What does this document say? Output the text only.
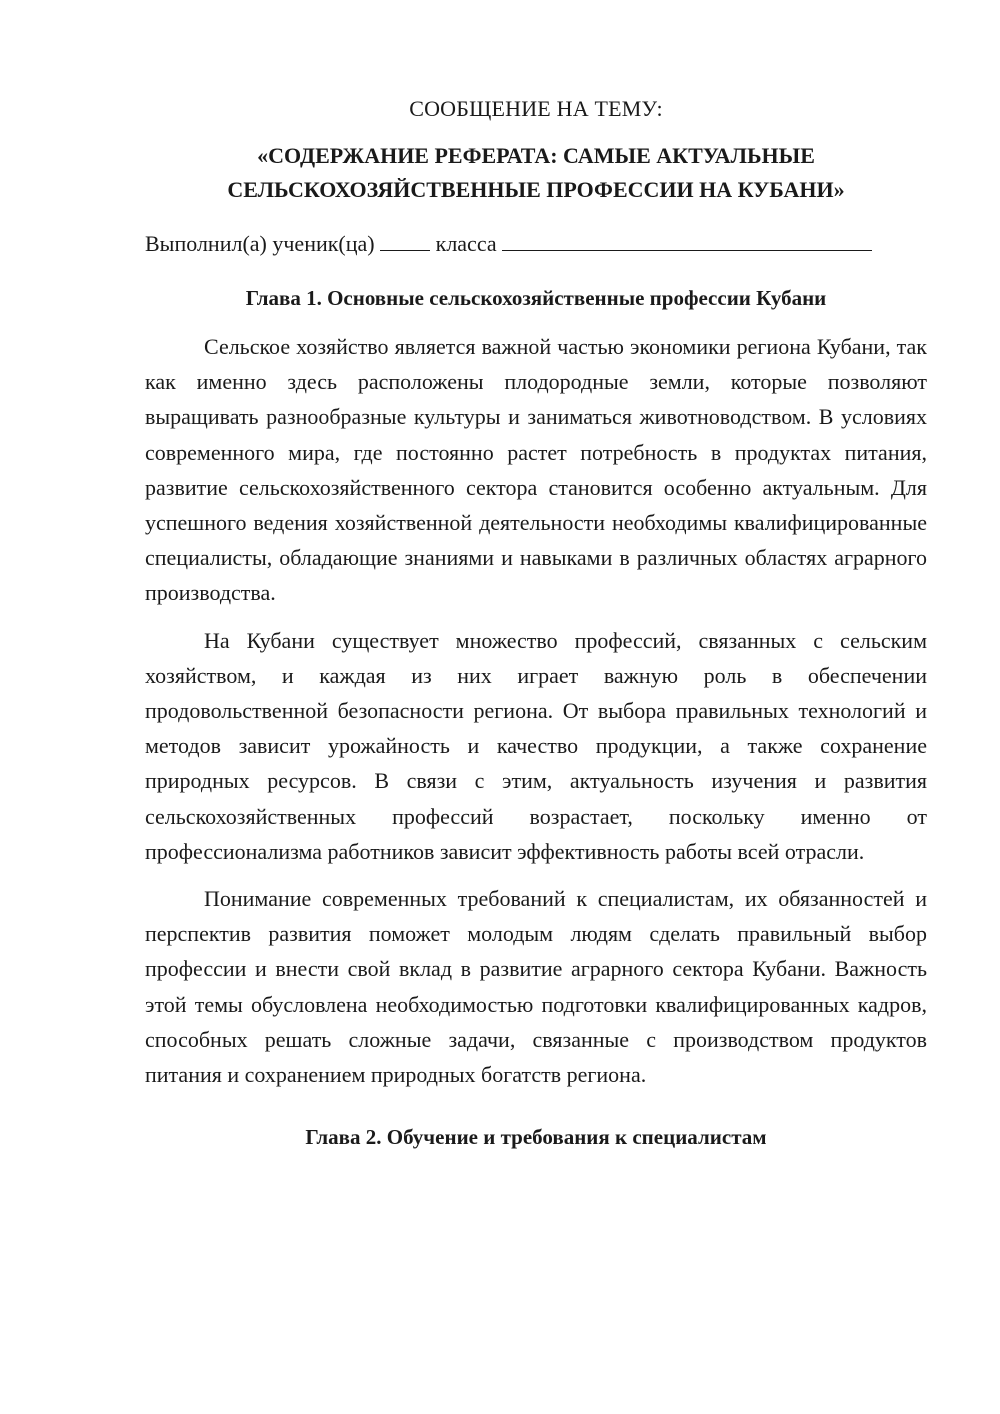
СООБЩЕНИЕ НА ТЕМУ:
«СОДЕРЖАНИЕ РЕФЕРАТА: САМЫЕ АКТУАЛЬНЫЕ
СЕЛЬСКОХОЗЯЙСТВЕННЫЕ ПРОФЕССИИ НА КУБАНИ»
Выполнил(а) ученик(ца)	класса
Глава 1. Основные сельскохозяйственные профессии Кубани

Сельское хозяйство является важной частью экономики региона Кубани, так как именно здесь расположены плодородные земли, которые позволяют выращивать разнообразные культуры и заниматься животноводством. В условиях современного мира, где постоянно растет потребность в продуктах питания, развитие сельскохозяйственного сектора становится особенно актуальным. Для успешного ведения хозяйственной деятельности необходимы квалифицированные специалисты, обладающие знаниями и навыками в различных областях аграрного производства.

На Кубани существует множество профессий, связанных с сельским хозяйством, и каждая из них играет важную роль в обеспечении продовольственной безопасности региона. От выбора правильных технологий и методов зависит урожайность и качество продукции, а также сохранение природных ресурсов. В связи с этим, актуальность изучения и развития сельскохозяйственных профессий возрастает, поскольку именно от профессионализма работников зависит эффективность работы всей отрасли.

Понимание современных требований к специалистам, их обязанностей и перспектив развития поможет молодым людям сделать правильный выбор профессии и внести свой вклад в развитие аграрного сектора Кубани. Важность этой темы обусловлена необходимостью подготовки квалифицированных кадров, способных решать сложные задачи, связанные с производством продуктов питания и сохранением природных богатств региона.

Глава 2. Обучение и требования к специалистам
